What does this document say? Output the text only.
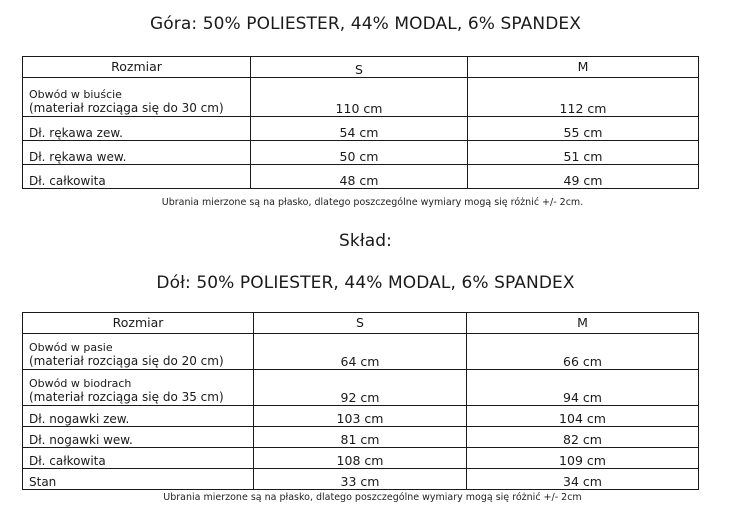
Góra: 50% POLIESTER, 44% MODAL, 6% SPANDEX
Rozmiar	S	M

Obwód w biuście
(materiał rozciąga się do 30 cm)	110 cm	112 cm
Dł. rękawa zew.	54 cm	55 cm
Dł. rękawa wew.	50 cm	51 cm
Dł. całkowita	48 cm	49 cm
Ubrania mierzone są na płasko, dlatego poszczególne wymiary mogą się różnić +/- 2cm.
Skład:
Dół: 50% POLIESTER, 44% MODAL, 6% SPANDEX
Rozmiar	S	M

Obwód w pasie
(materiał rozciąga się do 20 cm)	64 cm	66 cm

Obwód w biodrach
(materiał rozciąga się do 35 cm)	92 cm	94 cm
Dł. nogawki zew.	103 cm	104 cm
Dł. nogawki wew.	81 cm	82 cm
Dł. całkowita	108 cm	109 cm
Stan	33 cm	34 cm
Ubrania mierzone są na płasko, dlatego poszczególne wymiary mogą się różnić +/- 2cm
